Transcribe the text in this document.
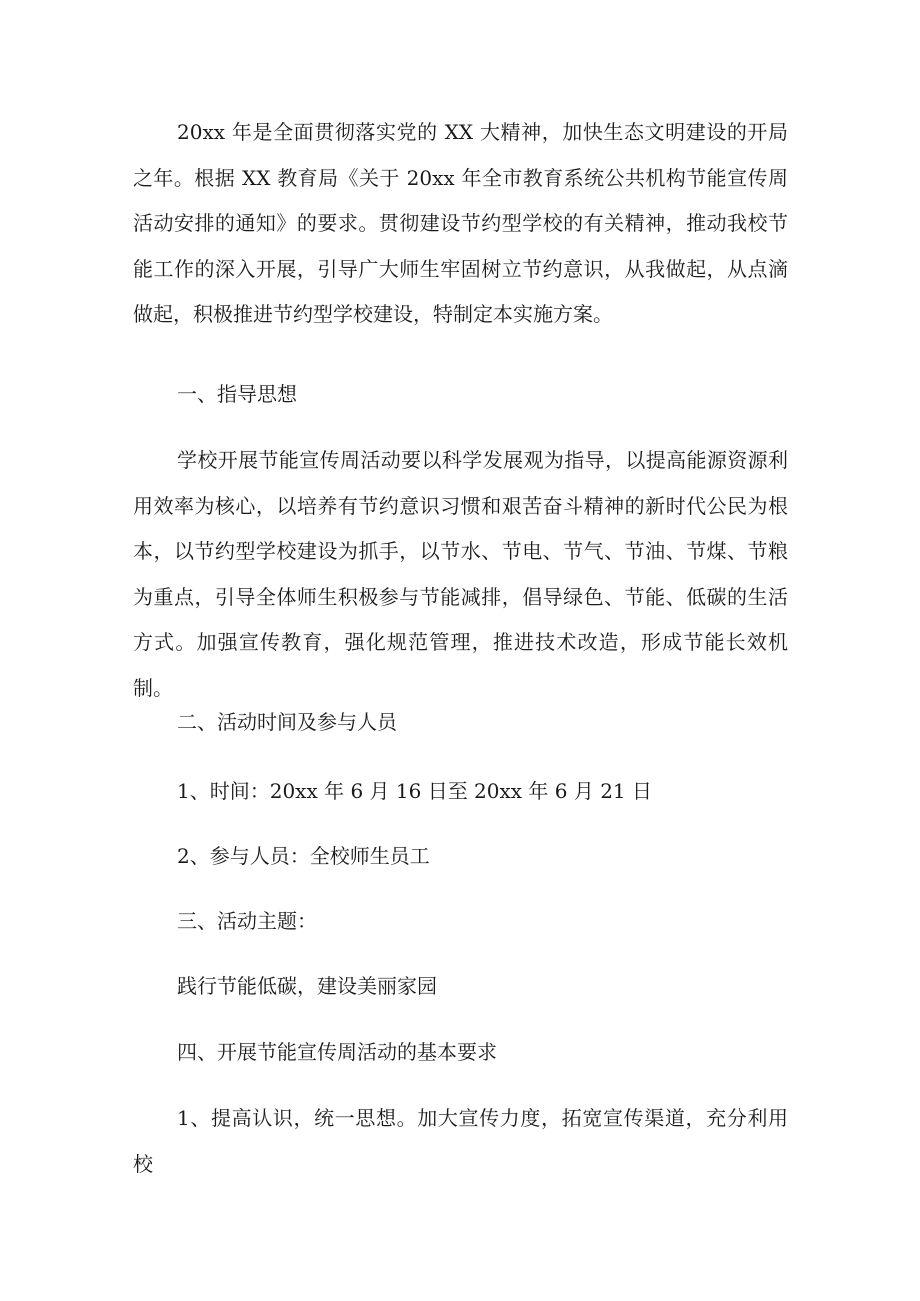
20xx 年是全面贯彻落实党的 XX 大精神，加快生态文明建设的开局之年。根据 XX 教育局《关于 20xx 年全市教育系统公共机构节能宣传周活动安排的通知》的要求。贯彻建设节约型学校的有关精神，推动我校节能工作的深入开展，引导广大师生牢固树立节约意识，从我做起，从点滴做起，积极推进节约型学校建设，特制定本实施方案。

一、指导思想

学校开展节能宣传周活动要以科学发展观为指导，以提高能源资源利用效率为核心，以培养有节约意识习惯和艰苦奋斗精神的新时代公民为根本，以节约型学校建设为抓手，以节水、节电、节气、节油、节煤、节粮为重点，引导全体师生积极参与节能减排，倡导绿色、节能、低碳的生活方式。加强宣传教育，强化规范管理，推进技术改造，形成节能长效机制。

二、活动时间及参与人员

1、时间：20xx 年 6 月 16 日至 20xx 年 6 月 21 日

2、参与人员：全校师生员工

三、活动主题：

践行节能低碳，建设美丽家园

四、开展节能宣传周活动的基本要求

1、提高认识，统一思想。加大宣传力度，拓宽宣传渠道，充分利用校
